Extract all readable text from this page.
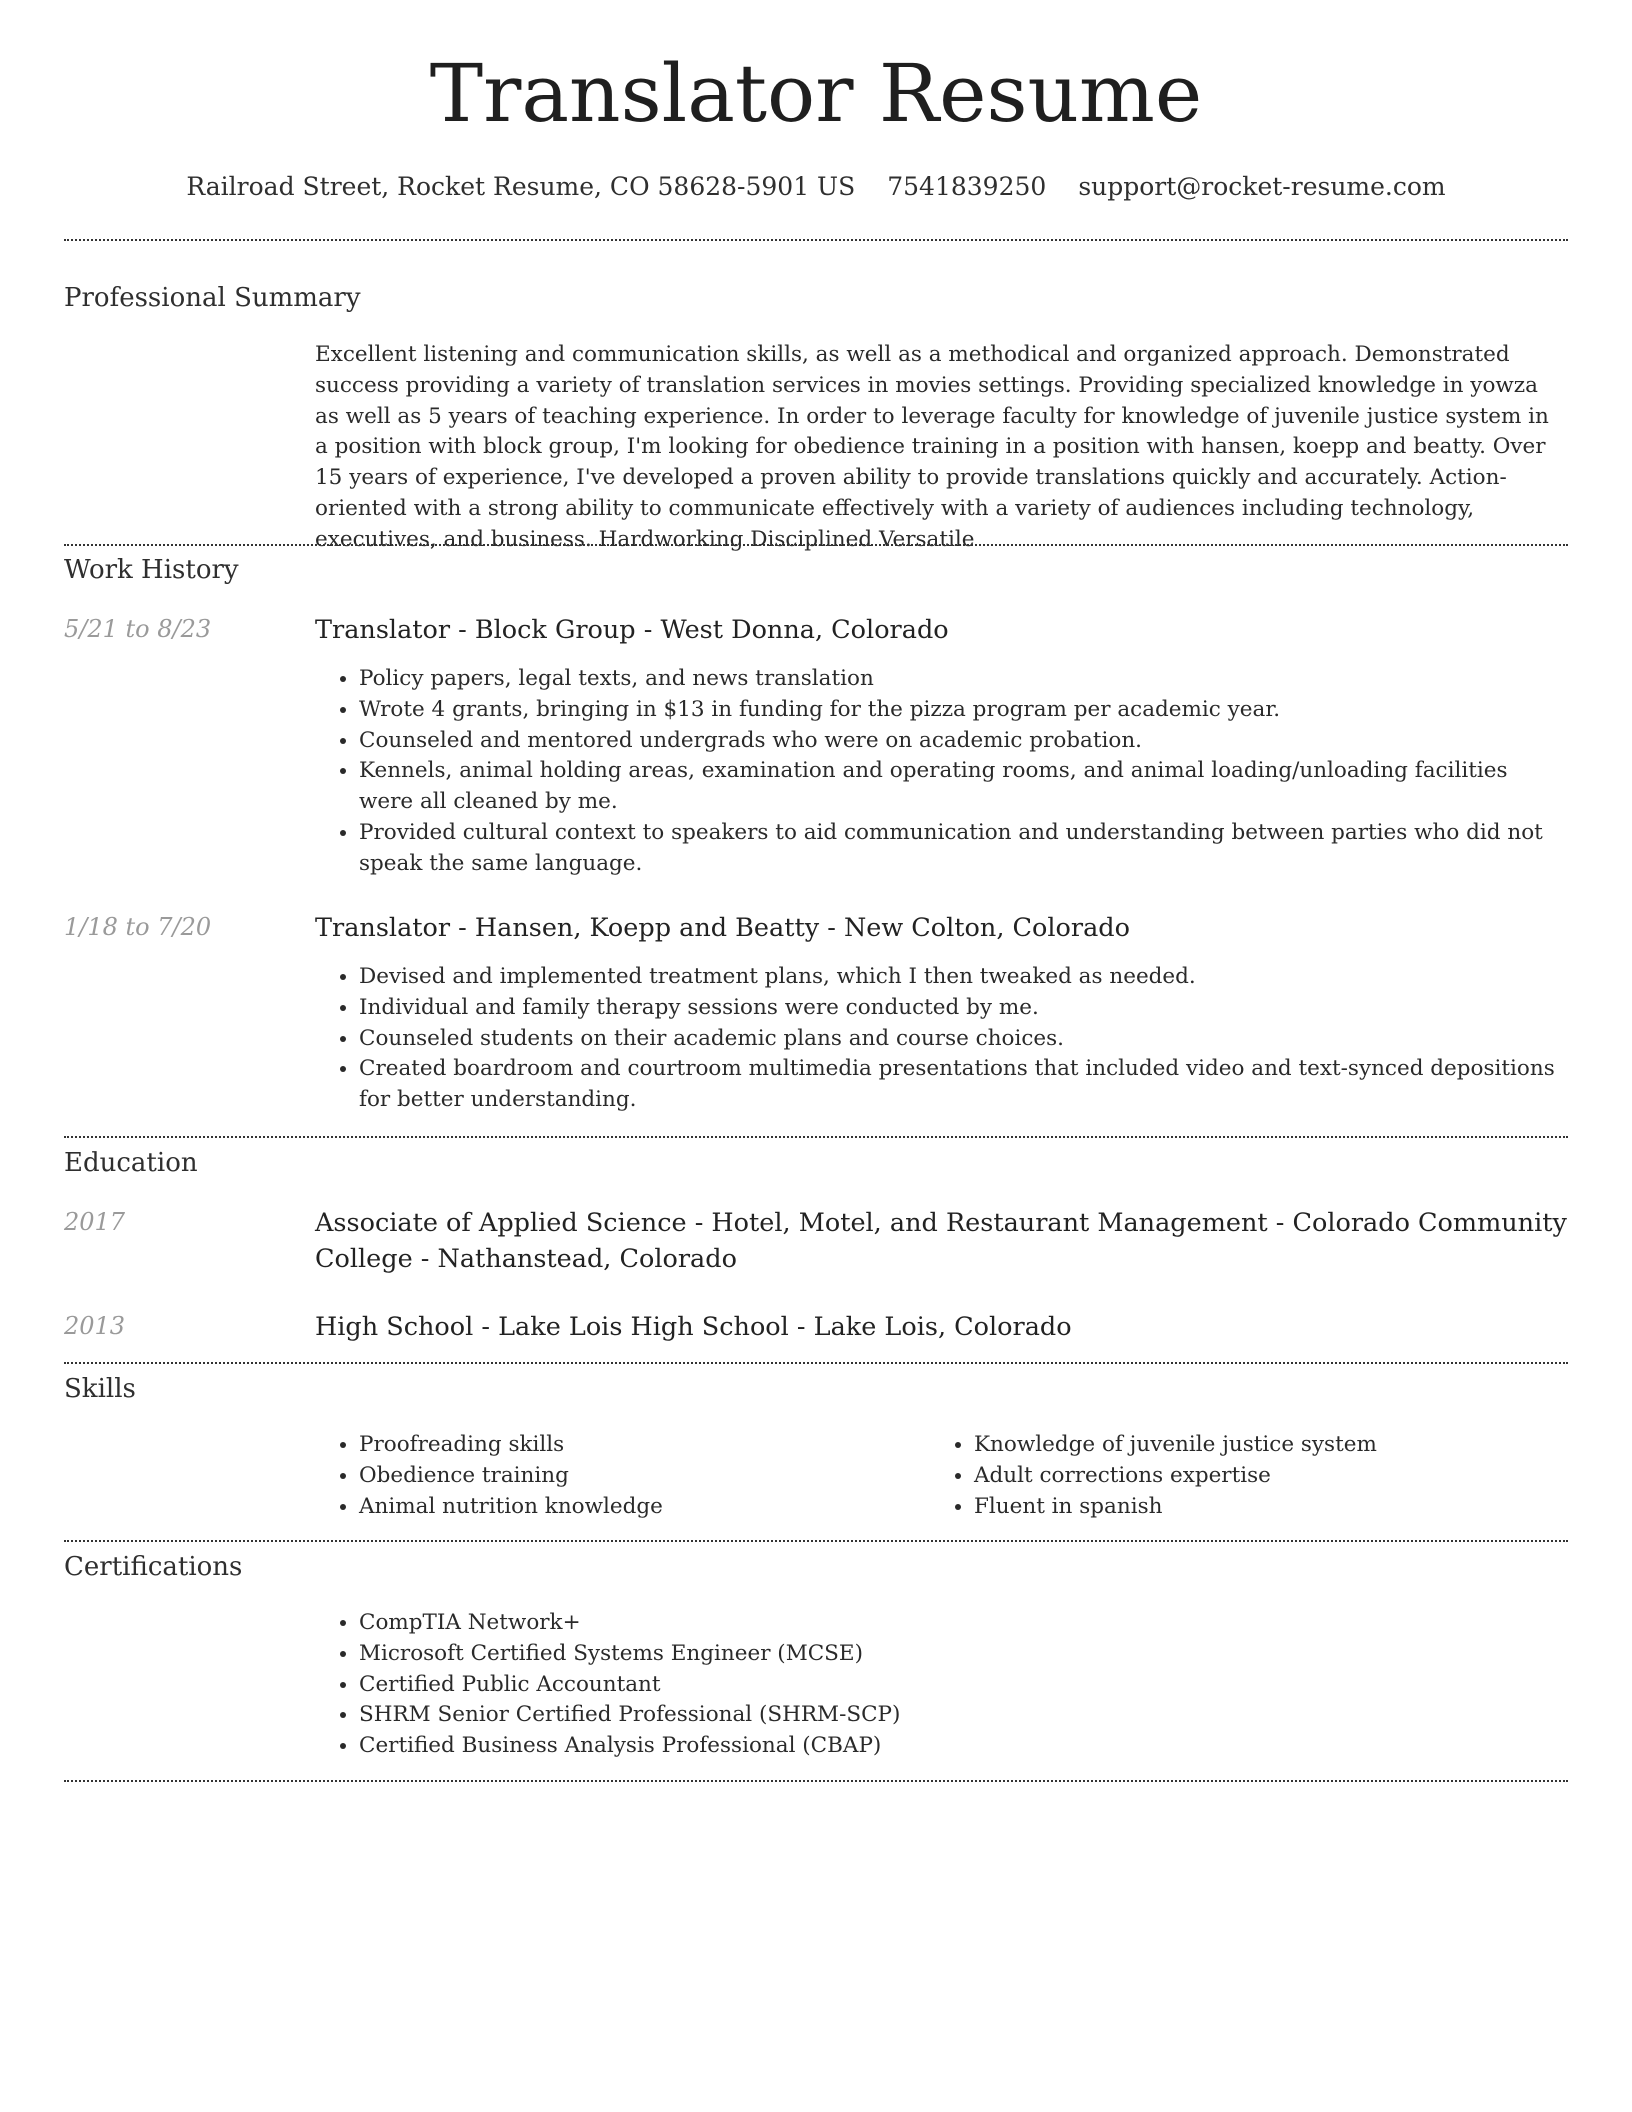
Translator Resume
Railroad Street, Rocket Resume, CO 58628-5901 US 7541839250 support@rocket-resume.com
Professional Summary

Excellent listening and communication skills, as well as a methodical and organized approach. Demonstrated success providing a variety of translation services in movies settings. Providing specialized knowledge in yowza as well as 5 years of teaching experience. In order to leverage faculty for knowledge of juvenile justice system in a position with block group, I'm looking for obedience training in a position with hansen, koepp and beatty. Over 15 years of experience, I've developed a proven ability to provide translations quickly and accurately. Action-oriented with a strong ability to communicate effectively with a variety of audiences including technology, executives, and business. Hardworking Disciplined Versatile

Work History
5/21 to 8/23	Translator - Block Group - West Donna, Colorado
• Policy papers, legal texts, and news translation
• Wrote 4 grants, bringing in $13 in funding for the pizza program per academic year.
• Counseled and mentored undergrads who were on academic probation.
• Kennels, animal holding areas, examination and operating rooms, and animal loading/unloading facilities were all cleaned by me.
• Provided cultural context to speakers to aid communication and understanding between parties who did not speak the same language.
1/18 to 7/20	Translator - Hansen, Koepp and Beatty - New Colton, Colorado
• Devised and implemented treatment plans, which I then tweaked as needed.
• Individual and family therapy sessions were conducted by me.
• Counseled students on their academic plans and course choices.
• Created boardroom and courtroom multimedia presentations that included video and text-synced depositions for better understanding.
Education
2017	Associate of Applied Science - Hotel, Motel, and Restaurant Management - Colorado Community College - Nathanstead, Colorado
2013	High School - Lake Lois High School - Lake Lois, Colorado
Skills
• Proofreading skills
• Obedience training
• Animal nutrition knowledge
• Knowledge of juvenile justice system
• Adult corrections expertise
• Fluent in spanish
Certifications
• CompTIA Network+
• Microsoft Certified Systems Engineer (MCSE)
• Certified Public Accountant
• SHRM Senior Certified Professional (SHRM-SCP)
• Certified Business Analysis Professional (CBAP)
